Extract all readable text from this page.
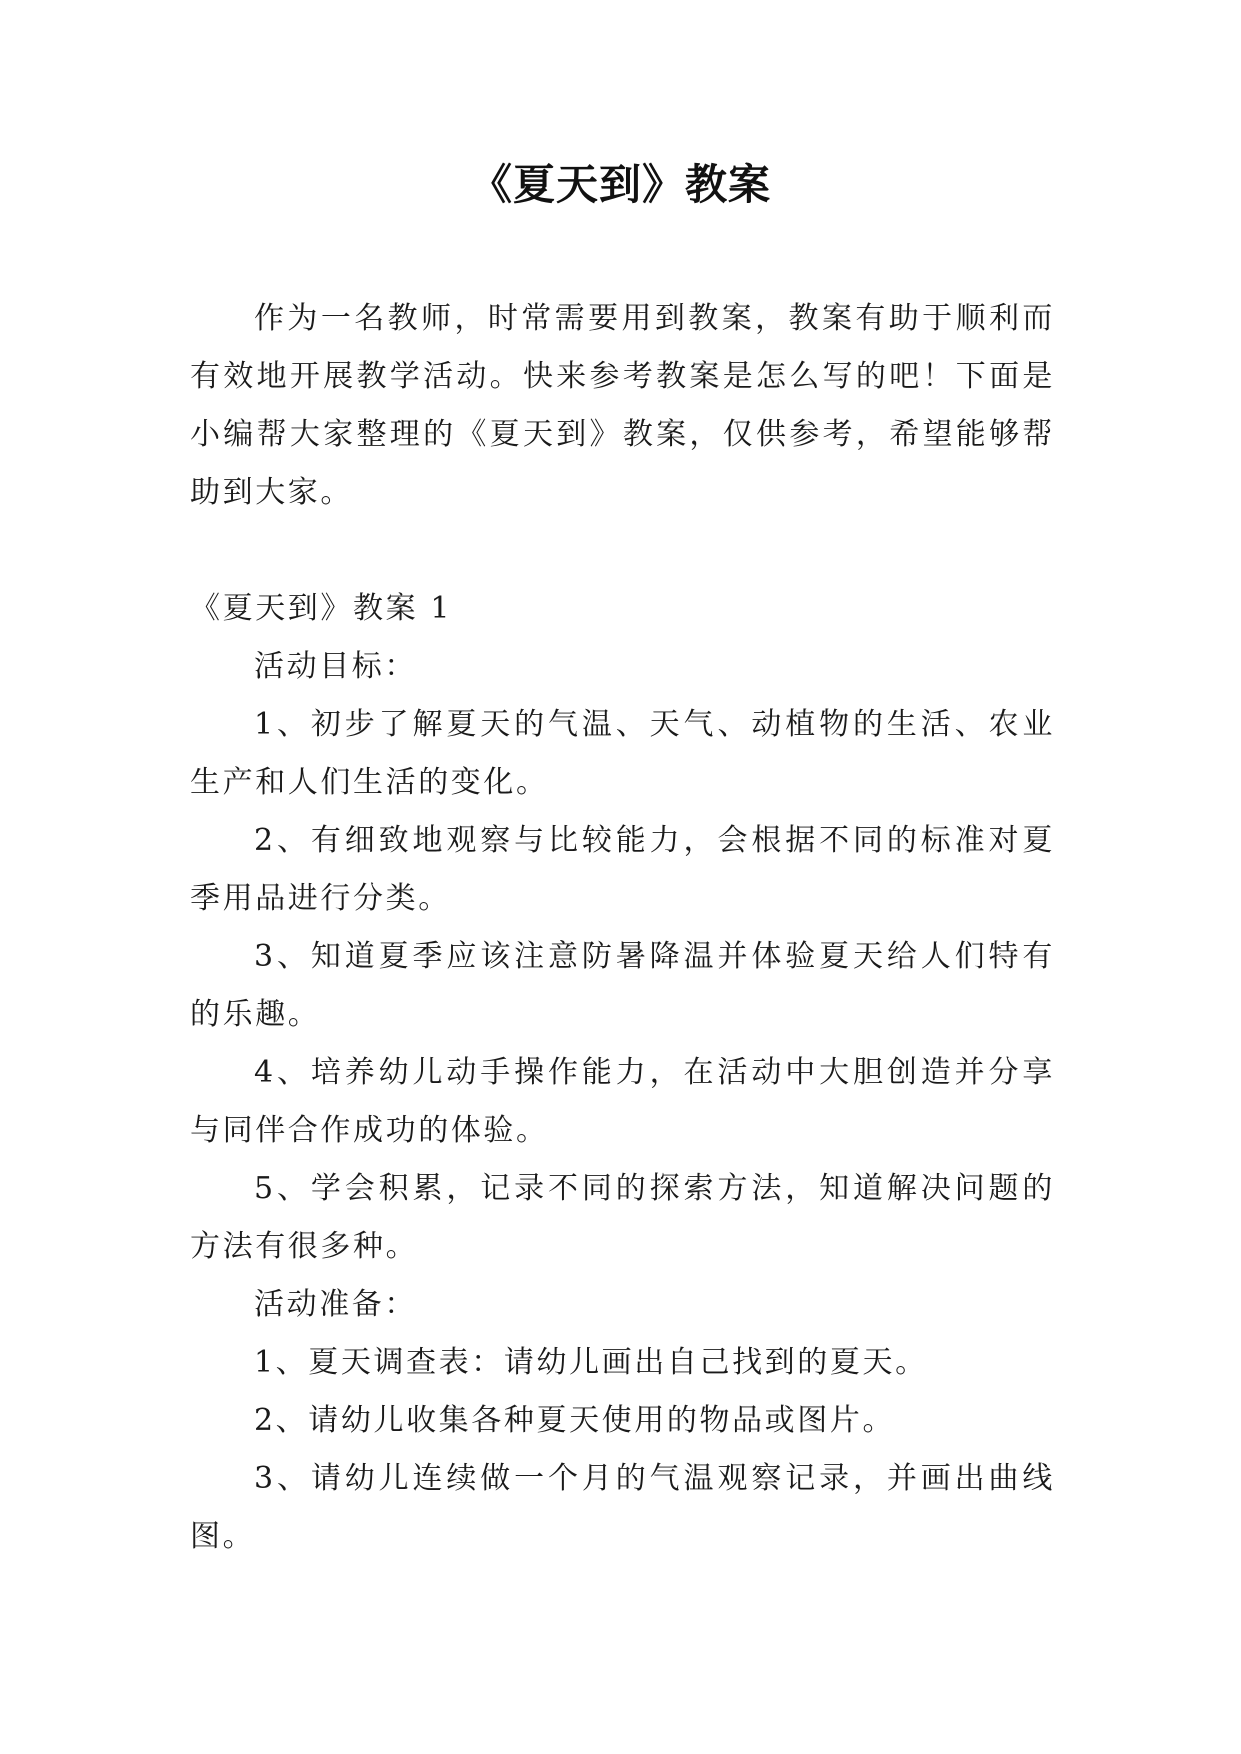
《夏天到》教案

作为一名教师，时常需要用到教案，教案有助于顺利而有效地开展教学活动。快来参考教案是怎么写的吧！下面是小编帮大家整理的《夏天到》教案，仅供参考，希望能够帮助到大家。

《夏天到》教案 1

活动目标：

1、初步了解夏天的气温、天气、动植物的生活、农业生产和人们生活的变化。

2、有细致地观察与比较能力，会根据不同的标准对夏季用品进行分类。

3、知道夏季应该注意防暑降温并体验夏天给人们特有的乐趣。

4、培养幼儿动手操作能力，在活动中大胆创造并分享与同伴合作成功的体验。

5、学会积累，记录不同的探索方法，知道解决问题的方法有很多种。

活动准备：

1、夏天调查表：请幼儿画出自己找到的夏天。

2、请幼儿收集各种夏天使用的物品或图片。

3、请幼儿连续做一个月的气温观察记录，并画出曲线图。
